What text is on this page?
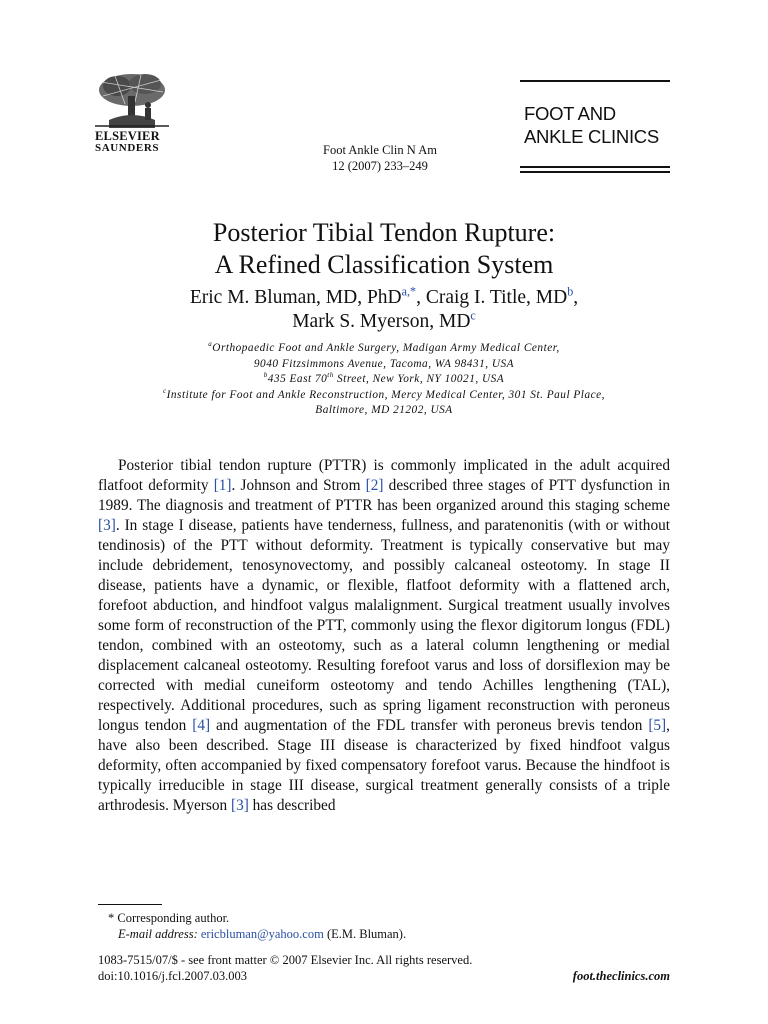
ELSEVIER
SAUNDERS	Foot Ankle Clin N Am
12 (2007) 233–249
FOOT AND
ANKLE CLINICS
Posterior Tibial Tendon Rupture:
A Refined Classification System
Eric M. Bluman, MD, PhD$^{a,*}$, Craig I. Title, MD$^b$,
Mark S. Myerson, MD$^c$
$^a$Orthopaedic Foot and Ankle Surgery, Madigan Army Medical Center,
9040 Fitzsimmons Avenue, Tacoma, WA 98431, USA
$^b$435 East 70th Street, New York, NY 10021, USA
$^c$Institute for Foot and Ankle Reconstruction, Mercy Medical Center, 301 St. Paul Place,
Baltimore, MD 21202, USA

Posterior tibial tendon rupture (PTTR) is commonly implicated in the adult acquired flatfoot deformity [1]. Johnson and Strom [2] described three stages of PTT dysfunction in 1989. The diagnosis and treatment of PTTR has been organized around this staging scheme [3]. In stage I disease, patients have tenderness, fullness, and paratenonitis (with or without tendinosis) of the PTT without deformity. Treatment is typically conservative but may include debridement, tenosynovectomy, and possibly calcaneal osteotomy. In stage II disease, patients have a dynamic, or flexible, flatfoot deformity with a flattened arch, forefoot abduction, and hindfoot valgus malalignment. Surgical treatment usually involves some form of reconstruction of the PTT, commonly using the flexor digitorum longus (FDL) tendon, combined with an osteotomy, such as a lateral column lengthening or medial displacement calcaneal osteotomy. Resulting forefoot varus and loss of dorsiflexion may be corrected with medial cuneiform osteotomy and tendo Achilles lengthening (TAL), respectively. Additional procedures, such as spring ligament reconstruction with peroneus longus tendon [4] and augmentation of the FDL transfer with peroneus brevis tendon [5], have also been described. Stage III disease is characterized by fixed hindfoot valgus deformity, often accompanied by fixed compensatory forefoot varus. Because the hindfoot is typically irreducible in stage III disease, surgical treatment generally consists of a triple arthrodesis. Myerson [3] has described

* Corresponding author.
E-mail address: ericbluman@yahoo.com (E.M. Bluman).
1083-7515/07/$ - see front matter © 2007 Elsevier Inc. All rights reserved.
doi:10.1016/j.fcl.2007.03.003	foot.theclinics.com
